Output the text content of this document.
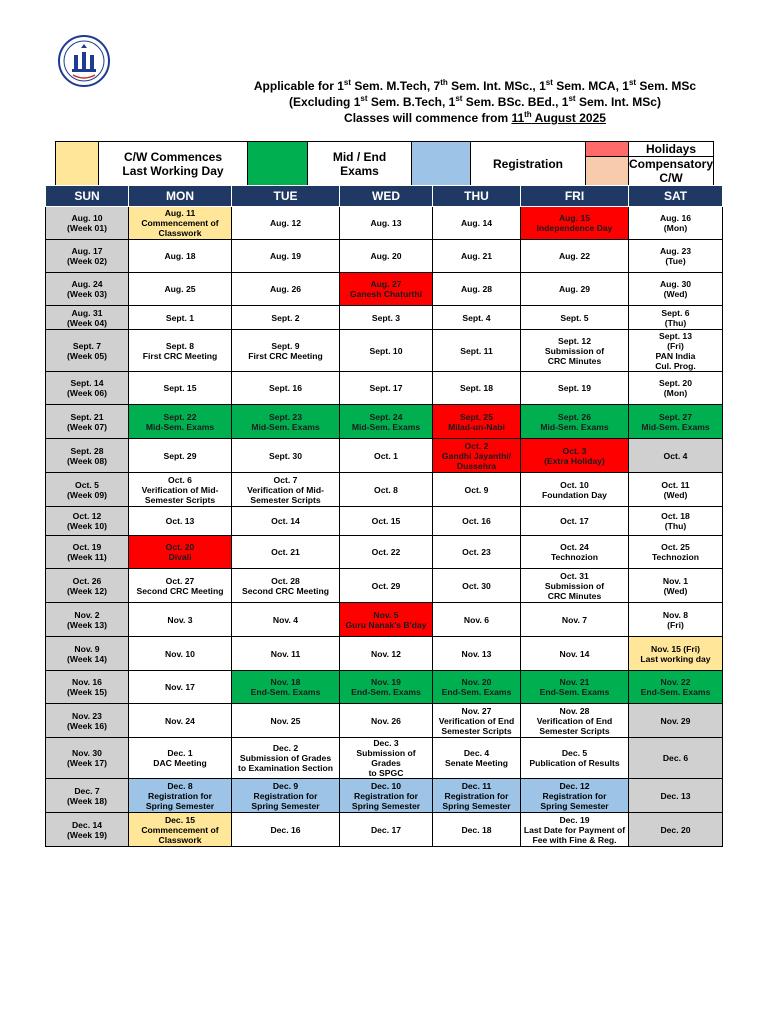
Applicable for 1st Sem. M.Tech, 7th Sem. Int. MSc., 1st Sem. MCA, 1st Sem. MSc
(Excluding 1st Sem. B.Tech, 1st Sem. BSc. BEd., 1st Sem. Int. MSc)
Classes will commence from 11th August 2025
	C/W Commences
Last Working Day		Mid / End
Exams		Registration		Holidays
							Compensatory C/W
SUN	MON	TUE	WED	THU	FRI	SAT

Aug. 10
(Week 01)	Aug. 11
Commencement of
Classwork	Aug. 12	Aug. 13	Aug. 14	Aug. 15
Independence Day	Aug. 16
(Mon)

Aug. 17
(Week 02)	Aug. 18	Aug. 19	Aug. 20	Aug. 21	Aug. 22	Aug. 23
(Tue)

Aug. 24
(Week 03)	Aug. 25	Aug. 26	Aug. 27
Ganesh Chaturthi	Aug. 28	Aug. 29	Aug. 30
(Wed)

Aug. 31
(Week 04)	Sept. 1	Sept. 2	Sept. 3	Sept. 4	Sept. 5	Sept. 6
(Thu)

Sept. 7
(Week 05)	Sept. 8
First CRC Meeting	Sept. 9
First CRC Meeting	Sept. 10	Sept. 11	Sept. 12
Submission of
CRC Minutes	Sept. 13
(Fri)
PAN India
Cul. Prog.

Sept. 14
(Week 06)	Sept. 15	Sept. 16	Sept. 17	Sept. 18	Sept. 19	Sept. 20
(Mon)

Sept. 21
(Week 07)	Sept. 22
Mid-Sem. Exams	Sept. 23
Mid-Sem. Exams	Sept. 24
Mid-Sem. Exams	Sept. 25
Milad-un-Nabi	Sept. 26
Mid-Sem. Exams	Sept. 27
Mid-Sem. Exams

Sept. 28
(Week 08)	Sept. 29	Sept. 30	Oct. 1	Oct. 2
Gandhi Jayanthi/
Dussehra	Oct. 3
(Extra Holiday)	Oct. 4

Oct. 5
(Week 09)	Oct. 6
Verification of Mid-
Semester Scripts	Oct. 7
Verification of Mid-
Semester Scripts	Oct. 8	Oct. 9	Oct. 10
Foundation Day	Oct. 11
(Wed)

Oct. 12
(Week 10)	Oct. 13	Oct. 14	Oct. 15	Oct. 16	Oct. 17	Oct. 18
(Thu)

Oct. 19
(Week 11)	Oct. 20
Divali	Oct. 21	Oct. 22	Oct. 23	Oct. 24
Technozion	Oct. 25
Technozion

Oct. 26
(Week 12)	Oct. 27
Second CRC Meeting	Oct. 28
Second CRC Meeting	Oct. 29	Oct. 30	Oct. 31
Submission of
CRC Minutes	Nov. 1
(Wed)

Nov. 2
(Week 13)	Nov. 3	Nov. 4	Nov. 5
Guru Nanak's B'day	Nov. 6	Nov. 7	Nov. 8
(Fri)

Nov. 9
(Week 14)	Nov. 10	Nov. 11	Nov. 12	Nov. 13	Nov. 14	Nov. 15 (Fri)
Last working day

Nov. 16
(Week 15)	Nov. 17	Nov. 18
End-Sem. Exams	Nov. 19
End-Sem. Exams	Nov. 20
End-Sem. Exams	Nov. 21
End-Sem. Exams	Nov. 22
End-Sem. Exams

Nov. 23
(Week 16)	Nov. 24	Nov. 25	Nov. 26	Nov. 27
Verification of End
Semester Scripts	Nov. 28
Verification of End
Semester Scripts	Nov. 29

Nov. 30
(Week 17)	Dec. 1
DAC Meeting	Dec. 2
Submission of Grades
to Examination Section	Dec. 3
Submission of Grades
to SPGC	Dec. 4
Senate Meeting	Dec. 5
Publication of Results	Dec. 6

Dec. 7
(Week 18)	Dec. 8
Registration for
Spring Semester	Dec. 9
Registration for
Spring Semester	Dec. 10
Registration for
Spring Semester	Dec. 11
Registration for
Spring Semester	Dec. 12
Registration for
Spring Semester	Dec. 13

Dec. 14
(Week 19)	Dec. 15
Commencement of
Classwork	Dec. 16	Dec. 17	Dec. 18	Dec. 19
Last Date for Payment of
Fee with Fine & Reg.	Dec. 20
